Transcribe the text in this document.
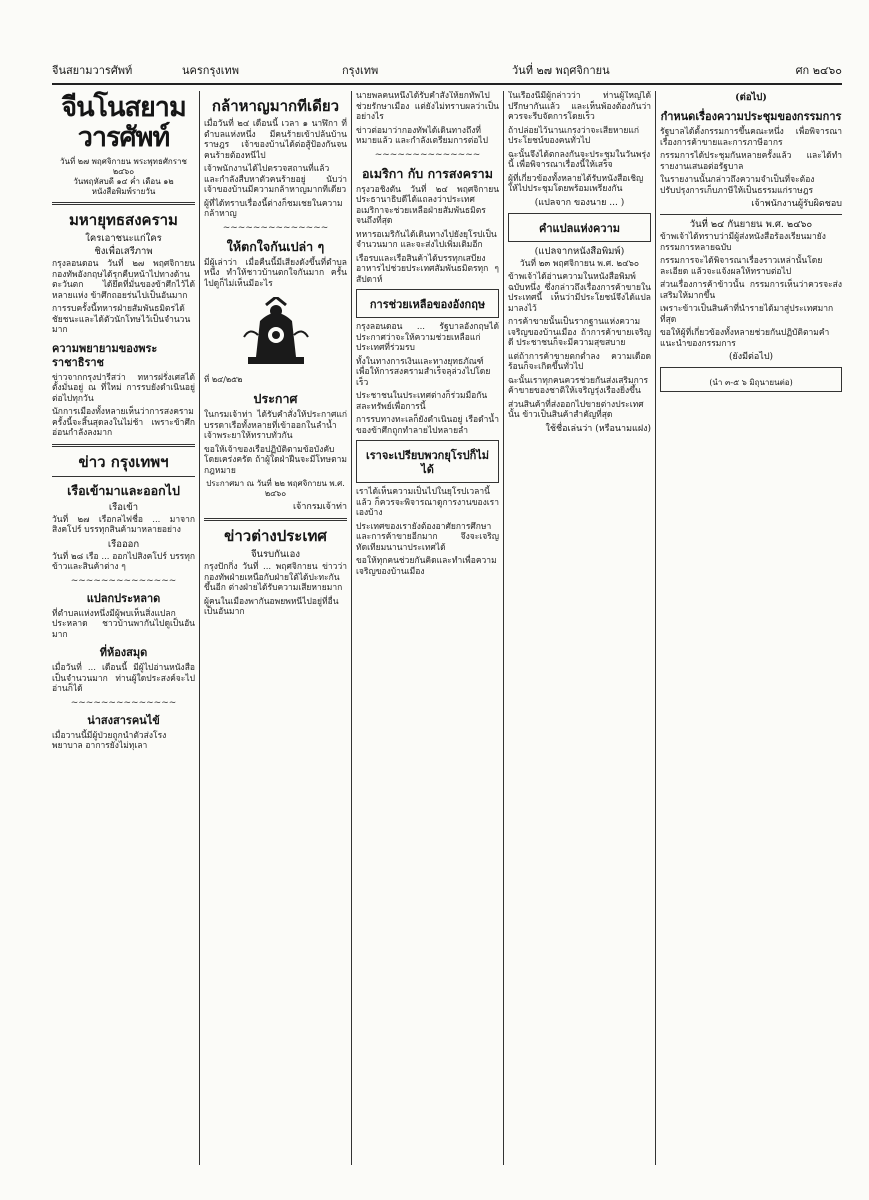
จีนสยามวารศัพท์	นครกรุงเทพ	กรุงเทพ	วันที่ ๒๗ พฤศจิกายน	ศก ๒๔๖๐
จีนโนสยามวารศัพท์
วันที่ ๒๗ พฤศจิกายน พระพุทธศักราช ๒๔๖๐
วันพฤหัสบดี ๑๔ ค่ำ เดือน ๑๒
หนังสือพิมพ์รายวัน
มหายุทธสงคราม
ใครเอาชนะแก่ใคร
ชิงเพื่อเสรีภาพ

กรุงลอนดอน วันที่ ๒๗ พฤศจิกายน กองทัพอังกฤษได้รุกคืบหน้าไปทางด้านตะวันตก ได้ยึดที่มั่นของข้าศึกไว้ได้หลายแห่ง ข้าศึกถอยร่นไปเป็นอันมาก

การรบครั้งนี้ทหารฝ่ายสัมพันธมิตรได้ชัยชนะและได้ตัวนักโทษไว้เป็นจำนวนมาก

ความพยายามของพระราชาธิราช

ข่าวจากกรุงปารีสว่า ทหารฝรั่งเศสได้ตั้งมั่นอยู่ ณ ที่ใหม่ การรบยังดำเนินอยู่ต่อไปทุกวัน

นักการเมืองทั้งหลายเห็นว่าการสงครามครั้งนี้จะสิ้นสุดลงในไม่ช้า เพราะข้าศึกอ่อนกำลังลงมาก

ข่าว กรุงเทพฯ
เรือเข้ามาและออกไป
เรือเข้า

วันที่ ๒๗ เรือกลไฟชื่อ ... มาจากสิงคโปร์ บรรทุกสินค้ามาหลายอย่าง

เรือออก

วันที่ ๒๘ เรือ ... ออกไปสิงคโปร์ บรรทุกข้าวและสินค้าต่าง ๆ

~~~~~~~~~~~~~~
แปลกประหลาด

ที่ตำบลแห่งหนึ่งมีผู้พบเห็นสิ่งแปลกประหลาด ชาวบ้านพากันไปดูเป็นอันมาก

ที่ห้องสมุด

เมื่อวันที่ ... เดือนนี้ มีผู้ไปอ่านหนังสือเป็นจำนวนมาก ท่านผู้ใดประสงค์จะไปอ่านก็ได้

~~~~~~~~~~~~~~
น่าสงสารคนไข้

เมื่อวานนี้มีผู้ป่วยถูกนำตัวส่งโรงพยาบาล อาการยังไม่ทุเลา

กล้าหาญมากทีเดียว

เมื่อวันที่ ๒๔ เดือนนี้ เวลา ๑ นาฬิกา ที่ตำบลแห่งหนึ่ง มีคนร้ายเข้าปล้นบ้านราษฎร เจ้าของบ้านได้ต่อสู้ป้องกันจนคนร้ายต้องหนีไป

เจ้าพนักงานได้ไปตรวจสถานที่แล้ว และกำลังสืบหาตัวคนร้ายอยู่ นับว่าเจ้าของบ้านมีความกล้าหาญมากทีเดียว

ผู้ที่ได้ทราบเรื่องนี้ต่างก็ชมเชยในความกล้าหาญ

~~~~~~~~~~~~~~
ให้ตกใจกันเปล่า ๆ

มีผู้เล่าว่า เมื่อคืนนี้มีเสียงดังขึ้นที่ตำบลหนึ่ง ทำให้ชาวบ้านตกใจกันมาก ครั้นไปดูก็ไม่เห็นมีอะไร

ที่ ๒๔/๒๕๒
ประกาศ

ในกรมเจ้าท่า ได้รับคำสั่งให้ประกาศแก่บรรดาเรือทั้งหลายที่เข้าออกในลำน้ำเจ้าพระยาให้ทราบทั่วกัน

ขอให้เจ้าของเรือปฏิบัติตามข้อบังคับโดยเคร่งครัด ถ้าผู้ใดฝ่าฝืนจะมีโทษตามกฎหมาย

ประกาศมา ณ วันที่ ๒๒ พฤศจิกายน พ.ศ. ๒๔๖๐
เจ้ากรมเจ้าท่า
ข่าวต่างประเทศ
จีนรบกันเอง

กรุงปักกิ่ง วันที่ ... พฤศจิกายน ข่าวว่ากองทัพฝ่ายเหนือกับฝ่ายใต้ได้ปะทะกันขึ้นอีก ต่างฝ่ายได้รับความเสียหายมาก

ผู้คนในเมืองพากันอพยพหนีไปอยู่ที่อื่นเป็นอันมาก

นายพลคนหนึ่งได้รับคำสั่งให้ยกทัพไปช่วยรักษาเมือง แต่ยังไม่ทราบผลว่าเป็นอย่างไร

ข่าวต่อมาว่ากองทัพได้เดินทางถึงที่หมายแล้ว และกำลังเตรียมการต่อไป

~~~~~~~~~~~~~~
อเมริกา กับ การสงคราม

กรุงวอชิงตัน วันที่ ๒๔ พฤศจิกายน ประธานาธิบดีได้แถลงว่าประเทศอเมริกาจะช่วยเหลือฝ่ายสัมพันธมิตรจนถึงที่สุด

ทหารอเมริกันได้เดินทางไปยังยุโรปเป็นจำนวนมาก และจะส่งไปเพิ่มเติมอีก

เรือรบและเรือสินค้าได้บรรทุกเสบียงอาหารไปช่วยประเทศสัมพันธมิตรทุก ๆ สัปดาห์

การช่วยเหลือของอังกฤษ

กรุงลอนดอน ... รัฐบาลอังกฤษได้ประกาศว่าจะให้ความช่วยเหลือแก่ประเทศที่ร่วมรบ

ทั้งในทางการเงินและทางยุทธภัณฑ์ เพื่อให้การสงครามสำเร็จลุล่วงไปโดยเร็ว

ประชาชนในประเทศต่างก็ร่วมมือกันสละทรัพย์เพื่อการนี้

การรบทางทะเลก็ยังดำเนินอยู่ เรือดำน้ำของข้าศึกถูกทำลายไปหลายลำ

เราจะเปรียบพวกยุโรปก็ไม่ได้

เราได้เห็นความเป็นไปในยุโรปเวลานี้แล้ว ก็ควรจะพิจารณาดูการงานของเราเองบ้าง

ประเทศของเรายังต้องอาศัยการศึกษาและการค้าขายอีกมาก จึงจะเจริญทัดเทียมนานาประเทศได้

ขอให้ทุกคนช่วยกันคิดและทำเพื่อความเจริญของบ้านเมือง

ในเรื่องนี้มีผู้กล่าวว่า ท่านผู้ใหญ่ได้ปรึกษากันแล้ว และเห็นพ้องต้องกันว่าควรจะรีบจัดการโดยเร็ว

ถ้าปล่อยไว้นานเกรงว่าจะเสียหายแก่ประโยชน์ของคนทั่วไป

ฉะนั้นจึงได้ตกลงกันจะประชุมในวันพรุ่งนี้ เพื่อพิจารณาเรื่องนี้ให้เสร็จ

ผู้ที่เกี่ยวข้องทั้งหลายได้รับหนังสือเชิญให้ไปประชุมโดยพร้อมเพรียงกัน

(แปลจาก ของนาย ... )
คำแปลแห่งความ
(แปลจากหนังสือพิมพ์)

วันที่ ๒๓ พฤศจิกายน พ.ศ. ๒๔๖๐

ข้าพเจ้าได้อ่านความในหนังสือพิมพ์ฉบับหนึ่ง ซึ่งกล่าวถึงเรื่องการค้าขายในประเทศนี้ เห็นว่ามีประโยชน์จึงได้แปลมาลงไว้

การค้าขายนั้นเป็นรากฐานแห่งความเจริญของบ้านเมือง ถ้าการค้าขายเจริญดี ประชาชนก็จะมีความสุขสบาย

แต่ถ้าการค้าขายตกต่ำลง ความเดือดร้อนก็จะเกิดขึ้นทั่วไป

ฉะนั้นเราทุกคนควรช่วยกันส่งเสริมการค้าขายของชาติให้เจริญรุ่งเรืองยิ่งขึ้น

ส่วนสินค้าที่ส่งออกไปขายต่างประเทศนั้น ข้าวเป็นสินค้าสำคัญที่สุด

ใช้ชื่อเล่นว่า (หรือนามแฝง)
(ต่อไป)
กำหนดเรื่องความประชุมของกรรมการ

รัฐบาลได้ตั้งกรรมการขึ้นคณะหนึ่ง เพื่อพิจารณาเรื่องการค้าขายและการภาษีอากร

กรรมการได้ประชุมกันหลายครั้งแล้ว และได้ทำรายงานเสนอต่อรัฐบาล

ในรายงานนั้นกล่าวถึงความจำเป็นที่จะต้องปรับปรุงการเก็บภาษีให้เป็นธรรมแก่ราษฎร

เจ้าพนักงานผู้รับผิดชอบ
วันที่ ๒๔ กันยายน พ.ศ. ๒๔๖๐

ข้าพเจ้าได้ทราบว่ามีผู้ส่งหนังสือร้องเรียนมายังกรรมการหลายฉบับ

กรรมการจะได้พิจารณาเรื่องราวเหล่านั้นโดยละเอียด แล้วจะแจ้งผลให้ทราบต่อไป

ส่วนเรื่องการค้าข้าวนั้น กรรมการเห็นว่าควรจะส่งเสริมให้มากขึ้น

เพราะข้าวเป็นสินค้าที่นำรายได้มาสู่ประเทศมากที่สุด

ขอให้ผู้ที่เกี่ยวข้องทั้งหลายช่วยกันปฏิบัติตามคำแนะนำของกรรมการ

(ยังมีต่อไป)
(นำ ๓-๕ ๖ มิถุนายนต่อ)
